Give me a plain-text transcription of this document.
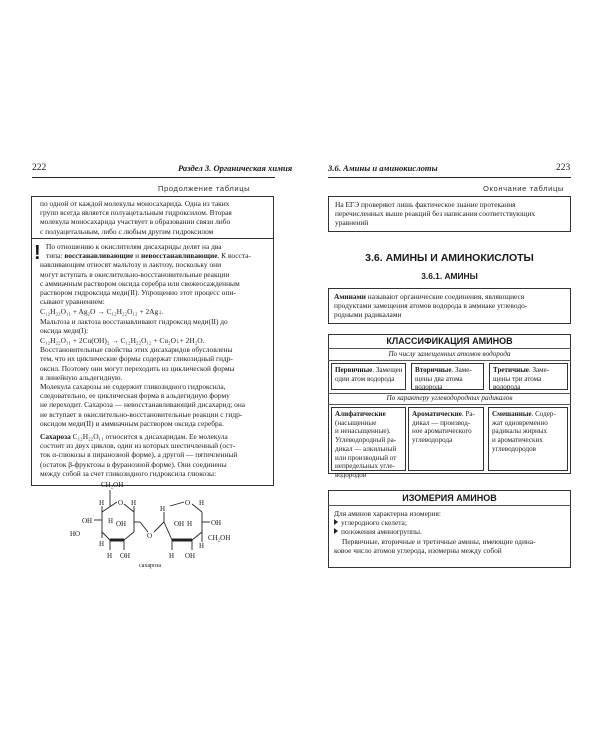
222	Раздел 3. Органическая химия
Продолжение таблицы
по одной от каждой молекулы моносахарида. Одна из таких
групп всегда является полуацетальным гидроксилом. Вторая
молекула моносахарида участвует в образовании связи либо
с полуацетальным, либо с любым другим гидроксилом
! По отношению к окислителям дисахариды делят на два
типа: восстанавливающие и невосстанавливающие. К восста-
навливающим относят мальтозу и лактозу, поскольку они
могут вступать в окислительно-восстановительные реакции
с аммиачным раствором оксида серебра или свежеосажденным
раствором гидроксида меди(II). Упрощенно этот процесс опи-
сывают уравнением:
C₁₂H₂₂O₁₁ + Ag₂O → C₁₂H₂₂O₁₂ + 2Ag↓.
Мальтоза и лактоза восстанавливают гидроксид меди(II) до
оксида меди(I):
C₁₂H₂₂O₁₁ + 2Cu(OH)₂ → C₁₂H₂₂O₁₂ + Cu₂O↓+ 2H₂O.
Восстановительные свойства этих дисахаридов обусловлены
тем, что их циклические формы содержат гликозидный гидр-
оксил. Поэтому они могут переходить из циклической формы
в линейную альдегидную.
Молекула сахарозы не содержит гликозидного гидроксила,
следовательно, ее циклическая форма в альдегидную форму
не переходит. Сахароза — невосстанавливающий дисахарид; она
не вступает в окислительно-восстановительные реакции с гидр-
оксидом меди(II) и аммиачным раствором оксида серебра.
Сахароза C₁₂H₂₂O₁₁ относится к дисахаридам. Ее молекула
состоит из двух циклов, один из которых шестичленный (ост-
ток α-глюкозы в пиранозной форме), а другой — пятичленный
(остаток β-фруктозы в фуранозной форме). Они соединены
между собой за счет гликозидного гидроксила глюкозы:
CH₂OH
O
H	H
OH H OH
HO
H
H OH
O
O
H
H
OH H	OH
H
H OH
CH₂OH
сахароза
3.6. Амины и аминокислоты	223
Окончание таблицы
На ЕГЭ проверяют лишь фактическое знание протекания
перечисленных выше реакций без написания соответствующих
уравнений
3.6. АМИНЫ И АМИНОКИСЛОТЫ
3.6.1. АМИНЫ
Аминами называют органические соединения, являющиеся
продуктами замещения атомов водорода в аммиаке углеводо-
родными радикалами
КЛАССИФИКАЦИЯ АМИНОВ
По числу замещенных атомов водорода
Первичные. Замещен
один атом водорода
Вторичные. Заме-
щены два атома
водорода
Третичные. Заме-
щены три атома
водорода
По характеру углеводородных радикалов
Алифатические
(насыщенные
и ненасыщенные).
Углеводородный ра-
дикал — алкильный
или производный от
непредельных угле-
водородов
Ароматические. Ра-
дикал — производ-
ное ароматического
углеводорода
Смешанные. Содер-
жат одновременно
радикалы жирных
и ароматических
углеводородов
ИЗОМЕРИЯ АМИНОВ
Для аминов характерна изомерия:
углеродного скелета;
положения аминогруппы.
Первичные, вторичные и третичные амины, имеющие одина-
ковое число атомов углерода, изомерны между собой
